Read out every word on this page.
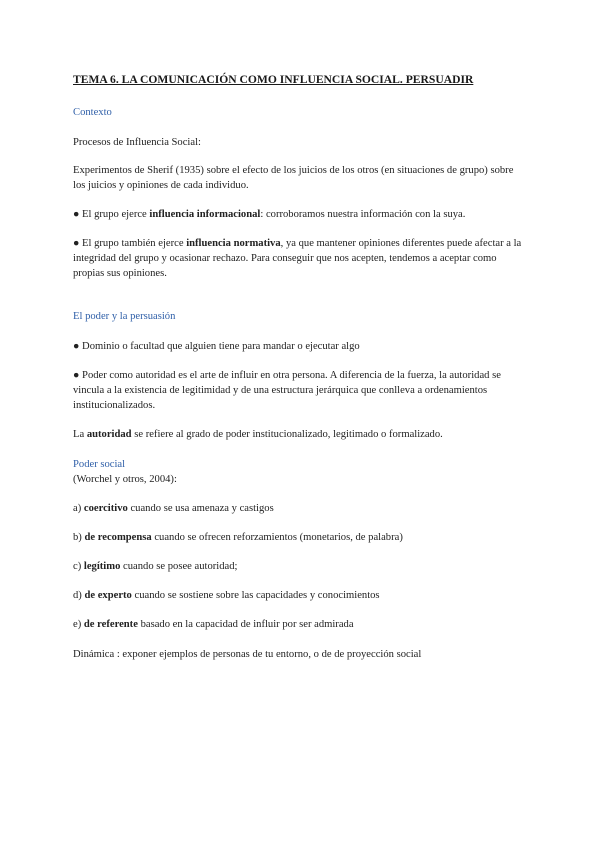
TEMA 6. LA COMUNICACIÓN COMO INFLUENCIA SOCIAL. PERSUADIR

Contexto

Procesos de Influencia Social:

Experimentos de Sherif (1935) sobre el efecto de los juicios de los otros (en situaciones de grupo) sobre los juicios y opiniones de cada individuo.

● El grupo ejerce influencia informacional: corroboramos nuestra información con la suya.

● El grupo también ejerce influencia normativa, ya que mantener opiniones diferentes puede afectar a la integridad del grupo y ocasionar rechazo. Para conseguir que nos acepten, tendemos a aceptar como propias sus opiniones.

El poder y la persuasión

● Dominio o facultad que alguien tiene para mandar o ejecutar algo

● Poder como autoridad es el arte de influir en otra persona. A diferencia de la fuerza, la autoridad se vincula a la existencia de legitimidad y de una estructura jerárquica que conlleva a ordenamientos institucionalizados.

La autoridad se refiere al grado de poder institucionalizado, legitimado o formalizado.

Poder social

(Worchel y otros, 2004):

a) coercitivo cuando se usa amenaza y castigos

b) de recompensa cuando se ofrecen reforzamientos (monetarios, de palabra)

c) legítimo cuando se posee autoridad;

d) de experto cuando se sostiene sobre las capacidades y conocimientos

e) de referente basado en la capacidad de influir por ser admirada

Dinámica : exponer ejemplos de personas de tu entorno, o de de proyección social
